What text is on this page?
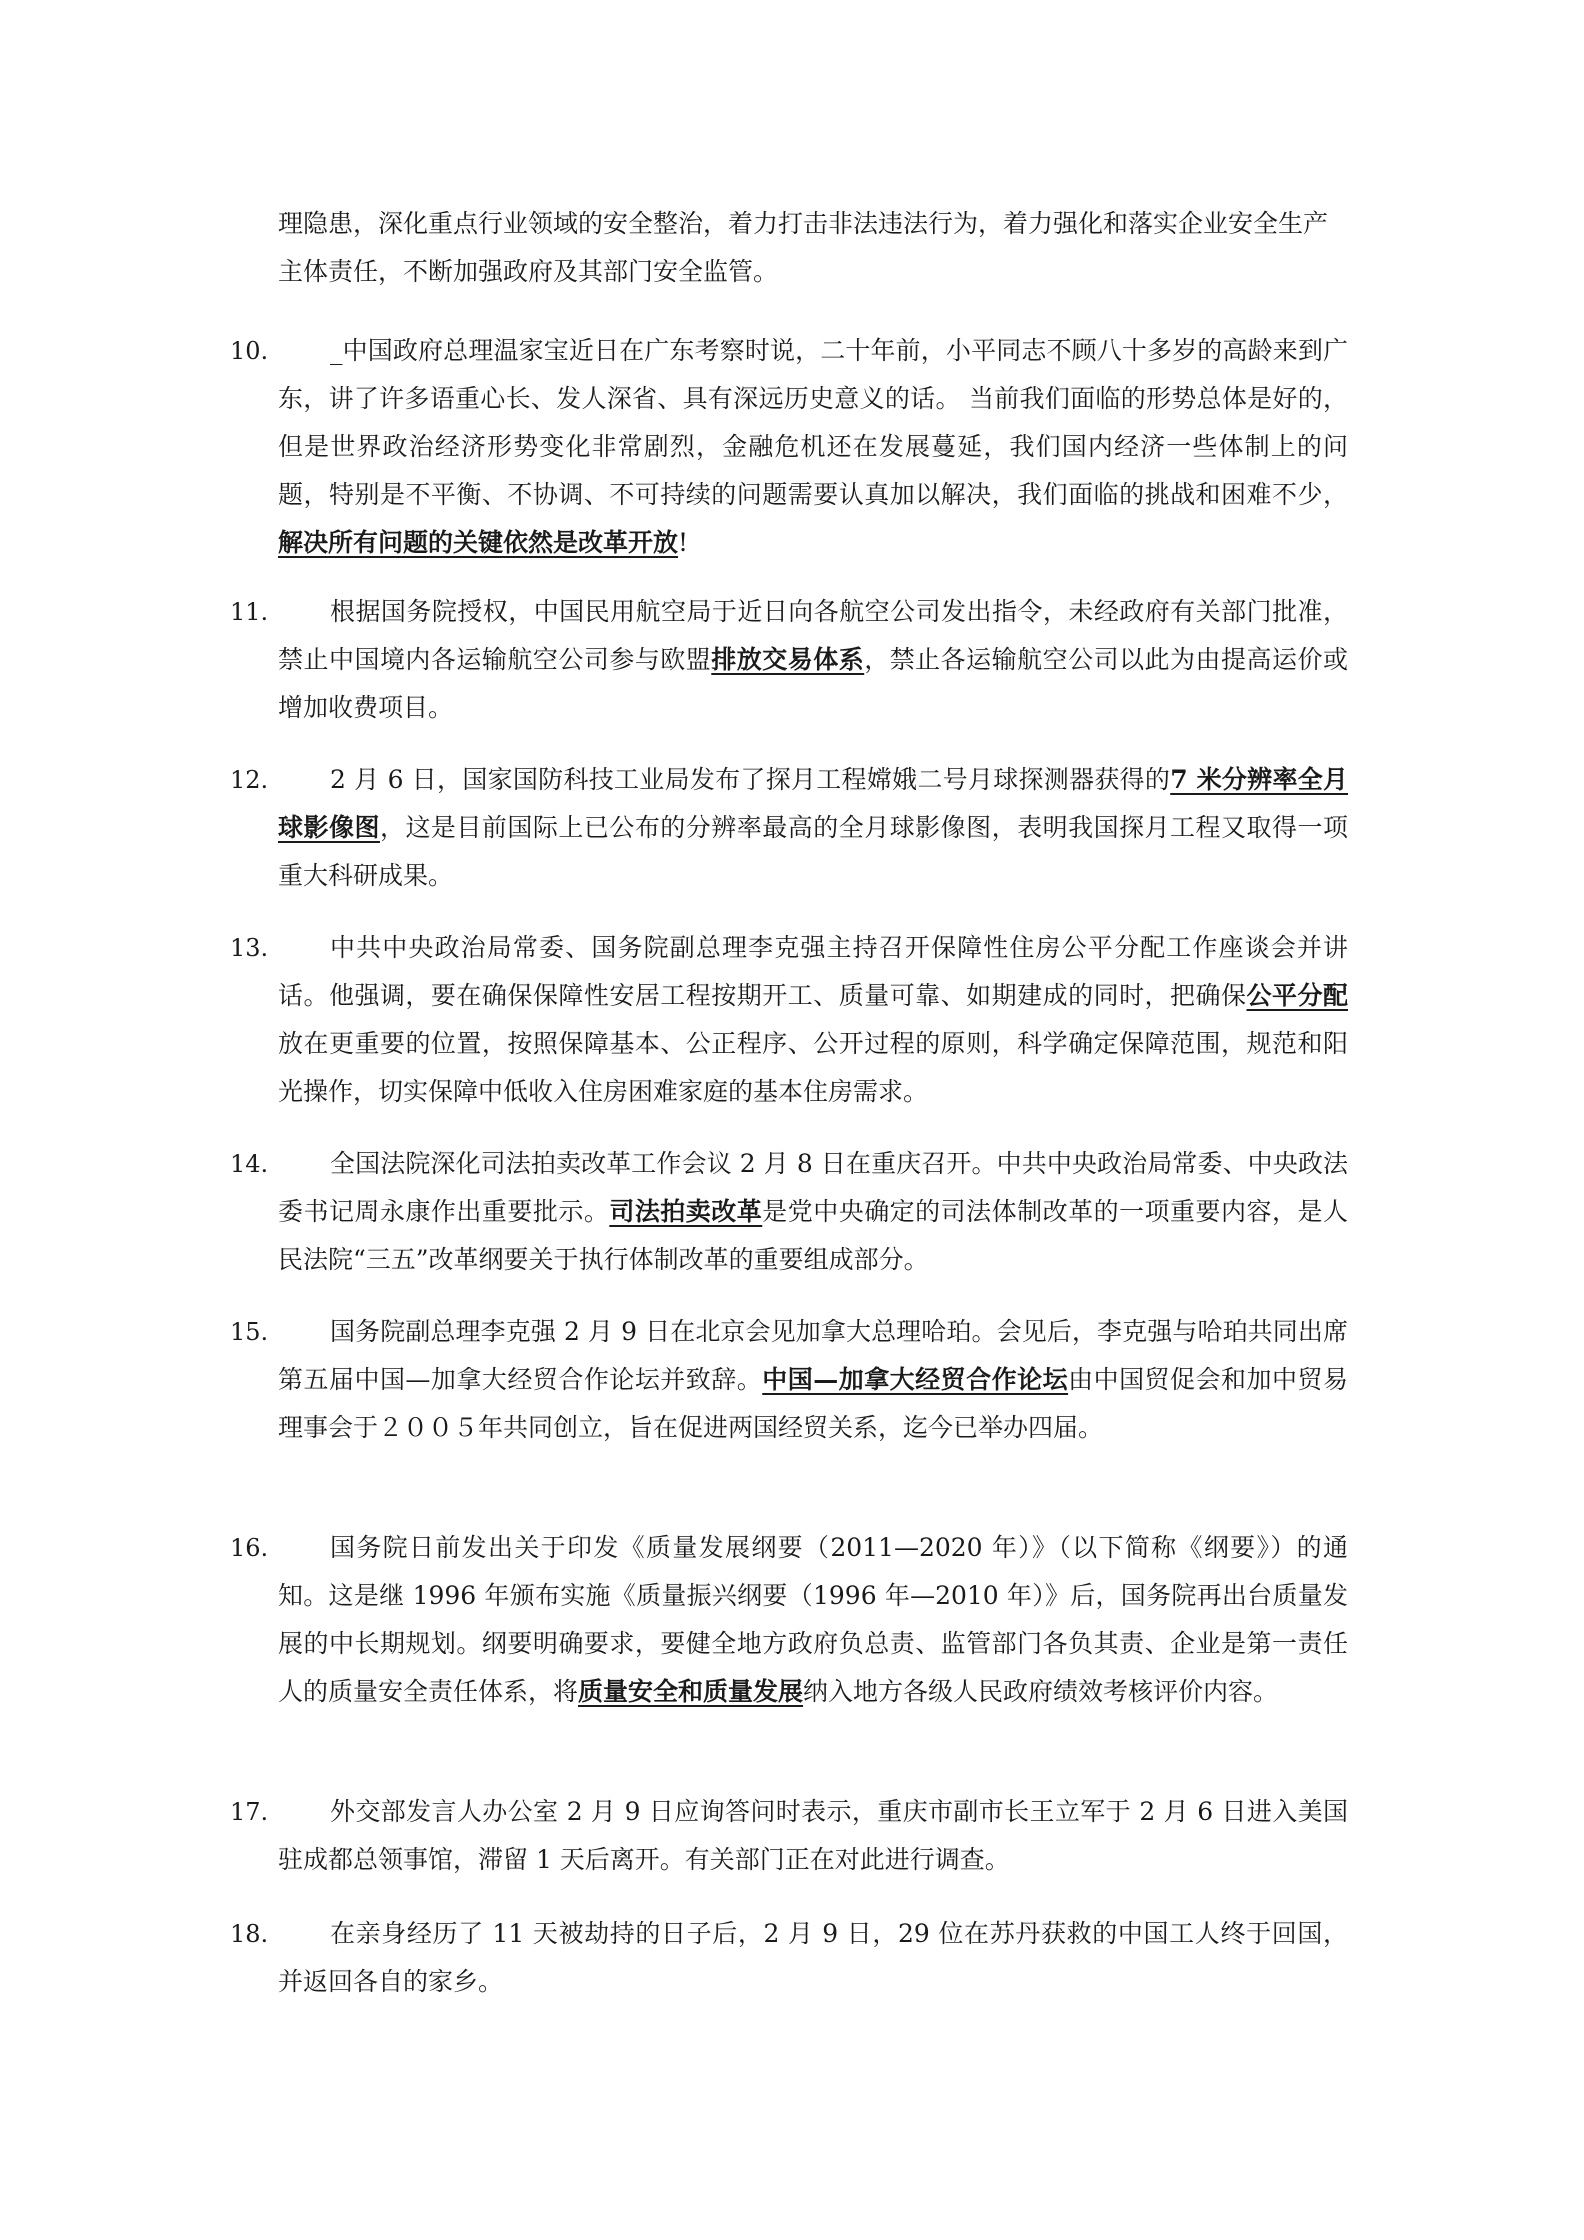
理隐患，深化重点行业领域的安全整治，着力打击非法违法行为，着力强化和落实企业安全生产主体责任，不断加强政府及其部门安全监管。

10.	_中国政府总理温家宝近日在广东考察时说，二十年前，小平同志不顾八十多岁的高龄来到广东，讲了许多语重心长、发人深省、具有深远历史意义的话。 当前我们面临的形势总体是好的，但是世界政治经济形势变化非常剧烈，金融危机还在发展蔓延，我们国内经济一些体制上的问题，特别是不平衡、不协调、不可持续的问题需要认真加以解决，我们面临的挑战和困难不少，解决所有问题的关键依然是改革开放!

11.	根据国务院授权，中国民用航空局于近日向各航空公司发出指令，未经政府有关部门批准，禁止中国境内各运输航空公司参与欧盟排放交易体系，禁止各运输航空公司以此为由提高运价或增加收费项目。

12.	2 月 6 日，国家国防科技工业局发布了探月工程嫦娥二号月球探测器获得的7 米分辨率全月球影像图，这是目前国际上已公布的分辨率最高的全月球影像图，表明我国探月工程又取得一项重大科研成果。

13.	中共中央政治局常委、国务院副总理李克强主持召开保障性住房公平分配工作座谈会并讲话。他强调，要在确保保障性安居工程按期开工、质量可靠、如期建成的同时，把确保公平分配放在更重要的位置，按照保障基本、公正程序、公开过程的原则，科学确定保障范围，规范和阳光操作，切实保障中低收入住房困难家庭的基本住房需求。

14.	全国法院深化司法拍卖改革工作会议 2 月 8 日在重庆召开。中共中央政治局常委、中央政法委书记周永康作出重要批示。司法拍卖改革是党中央确定的司法体制改革的一项重要内容，是人民法院“三五”改革纲要关于执行体制改革的重要组成部分。

15.	国务院副总理李克强 2 月 9 日在北京会见加拿大总理哈珀。会见后，李克强与哈珀共同出席第五届中国—加拿大经贸合作论坛并致辞。中国—加拿大经贸合作论坛由中国贸促会和加中贸易理事会于２００５年共同创立，旨在促进两国经贸关系，迄今已举办四届。

16.	国务院日前发出关于印发《质量发展纲要（2011—2020 年）》（以下简称《纲要》）的通知。这是继 1996 年颁布实施《质量振兴纲要（1996 年—2010 年）》后，国务院再出台质量发展的中长期规划。纲要明确要求，要健全地方政府负总责、监管部门各负其责、企业是第一责任人的质量安全责任体系，将质量安全和质量发展纳入地方各级人民政府绩效考核评价内容。

17.	外交部发言人办公室 2 月 9 日应询答问时表示，重庆市副市长王立军于 2 月 6 日进入美国驻成都总领事馆，滞留 1 天后离开。有关部门正在对此进行调查。

18.	在亲身经历了 11 天被劫持的日子后，2 月 9 日，29 位在苏丹获救的中国工人终于回国，并返回各自的家乡。
